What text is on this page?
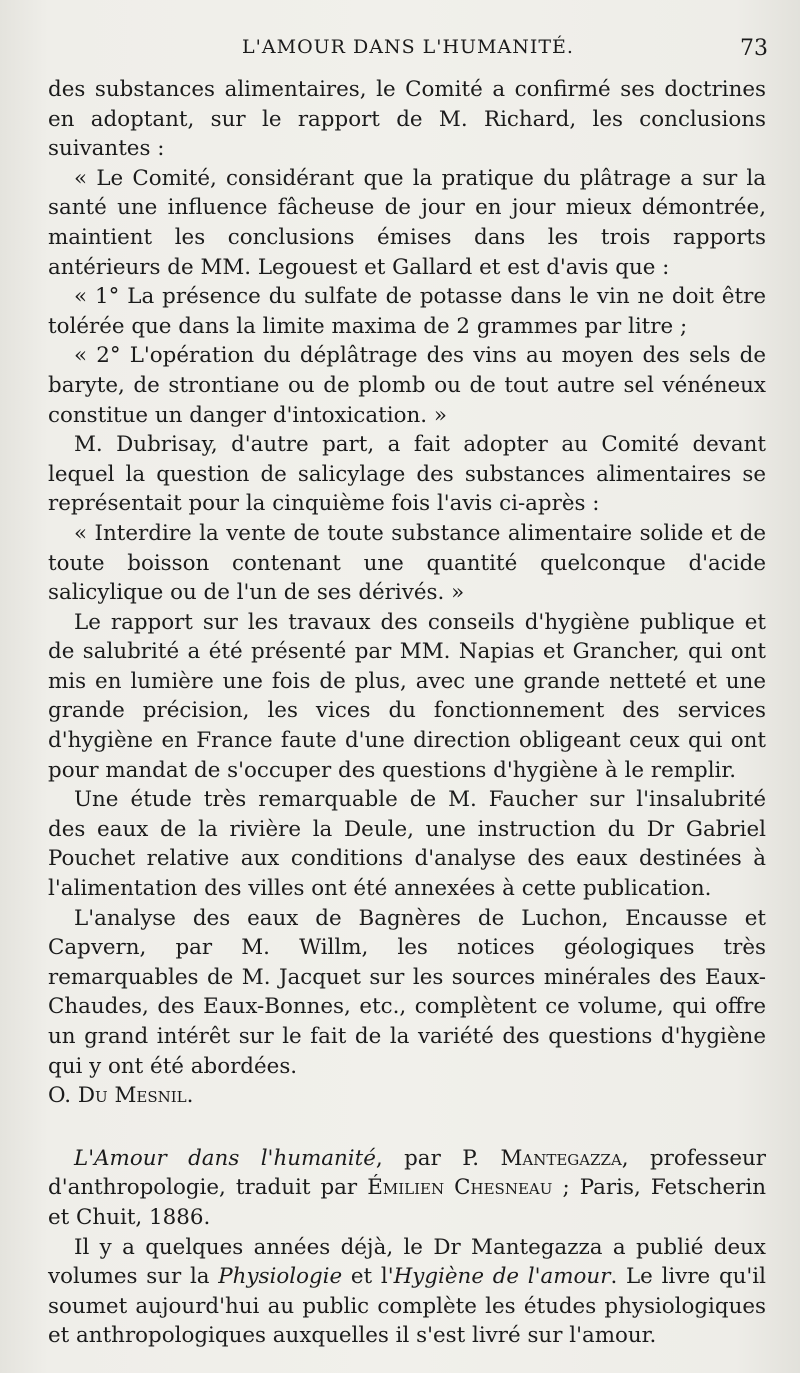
L'AMOUR DANS L'HUMANITÉ.	73

des substances alimentaires, le Comité a confirmé ses doctrines en adoptant, sur le rapport de M. Richard, les conclusions suivantes :

« Le Comité, considérant que la pratique du plâtrage a sur la santé une influence fâcheuse de jour en jour mieux démontrée, maintient les conclusions émises dans les trois rapports antérieurs de MM. Legouest et Gallard et est d'avis que :

« 1° La présence du sulfate de potasse dans le vin ne doit être tolérée que dans la limite maxima de 2 grammes par litre ;

« 2° L'opération du déplâtrage des vins au moyen des sels de baryte, de strontiane ou de plomb ou de tout autre sel vénéneux constitue un danger d'intoxication. »

M. Dubrisay, d'autre part, a fait adopter au Comité devant lequel la question de salicylage des substances alimentaires se représentait pour la cinquième fois l'avis ci-après :

« Interdire la vente de toute substance alimentaire solide et de toute boisson contenant une quantité quelconque d'acide salicylique ou de l'un de ses dérivés. »

Le rapport sur les travaux des conseils d'hygiène publique et de salubrité a été présenté par MM. Napias et Grancher, qui ont mis en lumière une fois de plus, avec une grande netteté et une grande précision, les vices du fonctionnement des services d'hygiène en France faute d'une direction obligeant ceux qui ont pour mandat de s'occuper des questions d'hygiène à le remplir.

Une étude très remarquable de M. Faucher sur l'insalubrité des eaux de la rivière la Deule, une instruction du Dr Gabriel Pouchet relative aux conditions d'analyse des eaux destinées à l'alimentation des villes ont été annexées à cette publication.

L'analyse des eaux de Bagnères de Luchon, Encausse et Capvern, par M. Willm, les notices géologiques très remarquables de M. Jacquet sur les sources minérales des Eaux-Chaudes, des Eaux-Bonnes, etc., complètent ce volume, qui offre un grand intérêt sur le fait de la variété des questions d'hygiène qui y ont été abordées.

O. Du Mesnil.

L'Amour dans l'humanité, par P. Mantegazza, professeur d'anthropologie, traduit par Émilien Chesneau ; Paris, Fetscherin et Chuit, 1886.

Il y a quelques années déjà, le Dr Mantegazza a publié deux volumes sur la Physiologie et l'Hygiène de l'amour. Le livre qu'il soumet aujourd'hui au public complète les études physiologiques et anthropologiques auxquelles il s'est livré sur l'amour.
